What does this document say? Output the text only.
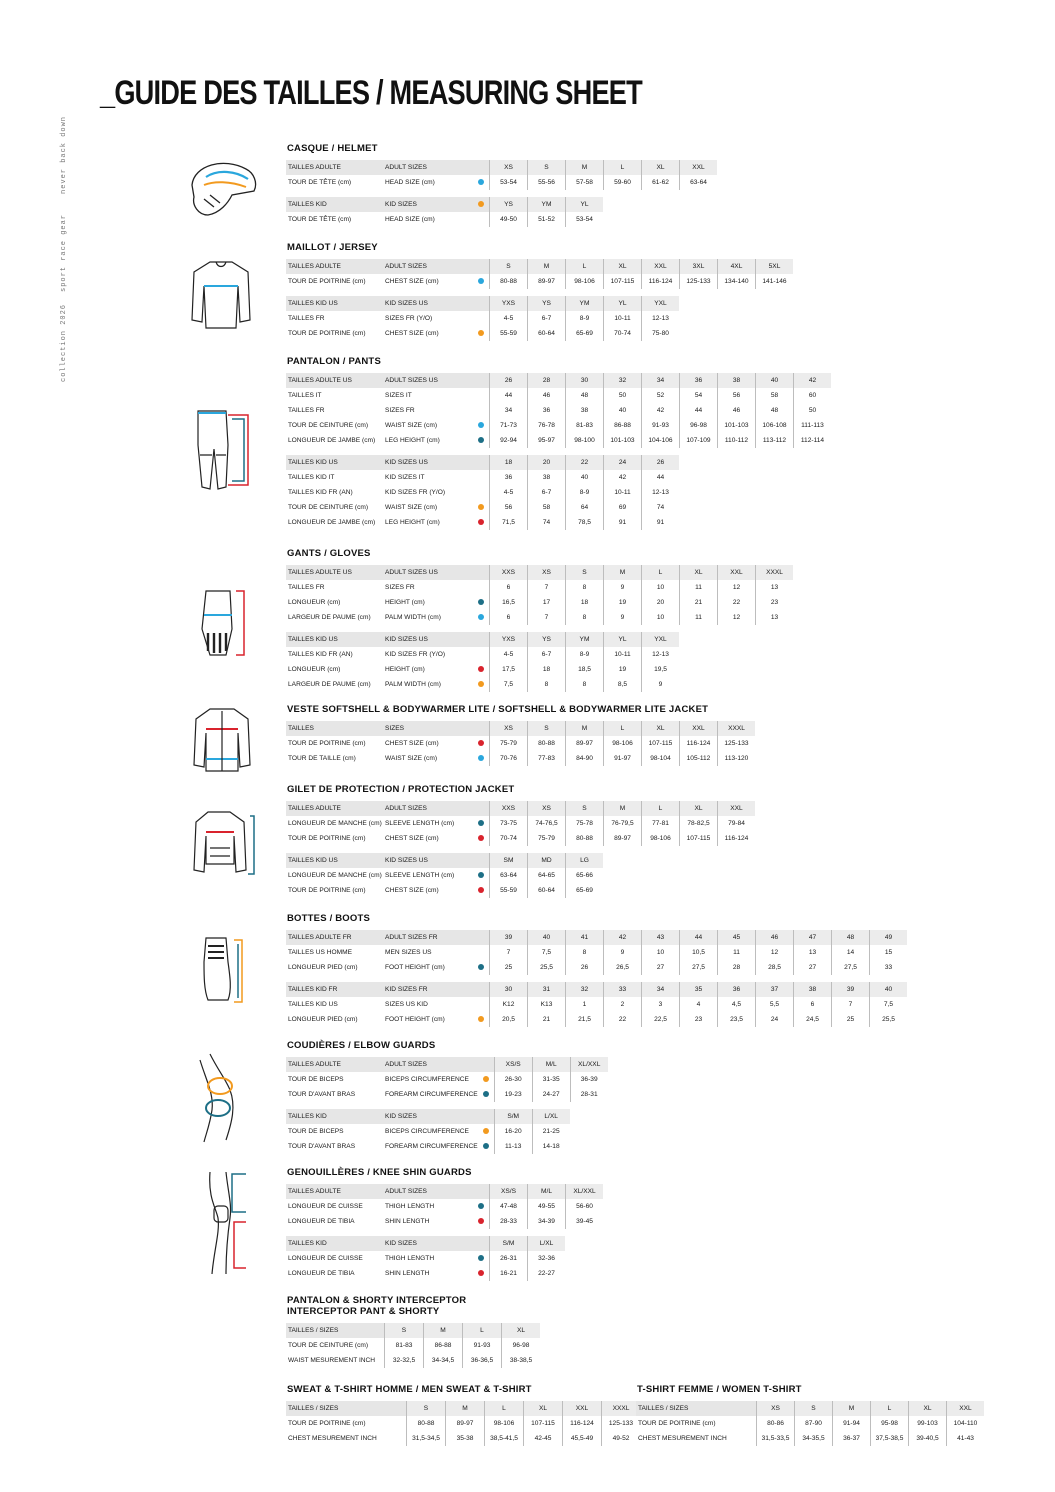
never back down
sport race gear
collection 2026
_GUIDE DES TAILLES / MEASURING SHEET
CASQUE / HELMET
TAILLES ADULTE	ADULT SIZES		XS	S	M	L	XL	XXL
TOUR DE TÊTE (cm)	HEAD SIZE (cm)		53-54	55-56	57-58	59-60	61-62	63-64
TAILLES KID	KID SIZES		YS	YM	YL
TOUR DE TÊTE (cm)	HEAD SIZE (cm)		49-50	51-52	53-54
MAILLOT / JERSEY
TAILLES ADULTE	ADULT SIZES		S	M	L	XL	XXL	3XL	4XL	5XL
TOUR DE POITRINE (cm)	CHEST SIZE (cm)		80-88	89-97	98-106	107-115	116-124	125-133	134-140	141-146
TAILLES KID US	KID SIZES US		YXS	YS	YM	YL	YXL
TAILLES FR	SIZES FR (Y/O)		4-5	6-7	8-9	10-11	12-13
TOUR DE POITRINE (cm)	CHEST SIZE (cm)		55-59	60-64	65-69	70-74	75-80
PANTALON / PANTS
TAILLES ADULTE US	ADULT SIZES US		26	28	30	32	34	36	38	40	42
TAILLES IT	SIZES IT		44	46	48	50	52	54	56	58	60
TAILLES FR	SIZES FR		34	36	38	40	42	44	46	48	50
TOUR DE CEINTURE (cm)	WAIST SIZE (cm)		71-73	76-78	81-83	86-88	91-93	96-98	101-103	106-108	111-113
LONGUEUR DE JAMBE (cm)	LEG HEIGHT (cm)		92-94	95-97	98-100	101-103	104-106	107-109	110-112	113-112	112-114
TAILLES KID US	KID SIZES US		18	20	22	24	26
TAILLES KID IT	KID SIZES IT		36	38	40	42	44
TAILLES KID FR (AN)	KID SIZES FR (Y/O)		4-5	6-7	8-9	10-11	12-13
TOUR DE CEINTURE (cm)	WAIST SIZE (cm)		56	58	64	69	74
LONGUEUR DE JAMBE (cm)	LEG HEIGHT (cm)		71,5	74	78,5	91	91
GANTS / GLOVES
TAILLES ADULTE US	ADULT SIZES US		XXS	XS	S	M	L	XL	XXL	XXXL
TAILLES FR	SIZES FR		6	7	8	9	10	11	12	13
LONGUEUR (cm)	HEIGHT (cm)		16,5	17	18	19	20	21	22	23
LARGEUR DE PAUME (cm)	PALM WIDTH (cm)		6	7	8	9	10	11	12	13
TAILLES KID US	KID SIZES US		YXS	YS	YM	YL	YXL
TAILLES KID FR (AN)	KID SIZES FR (Y/O)		4-5	6-7	8-9	10-11	12-13
LONGUEUR (cm)	HEIGHT (cm)		17,5	18	18,5	19	19,5
LARGEUR DE PAUME (cm)	PALM WIDTH (cm)		7,5	8	8	8,5	9
VESTE SOFTSHELL & BODYWARMER LITE / SOFTSHELL & BODYWARMER LITE JACKET
TAILLES	SIZES		XS	S	M	L	XL	XXL	XXXL
TOUR DE POITRINE (cm)	CHEST SIZE (cm)		75-79	80-88	89-97	98-106	107-115	116-124	125-133
TOUR DE TAILLE (cm)	WAIST SIZE (cm)		70-76	77-83	84-90	91-97	98-104	105-112	113-120
GILET DE PROTECTION / PROTECTION JACKET
TAILLES ADULTE	ADULT SIZES		XXS	XS	S	M	L	XL	XXL
LONGUEUR DE MANCHE (cm)	SLEEVE LENGTH (cm)		73-75	74-76,5	75-78	76-79,5	77-81	78-82,5	79-84
TOUR DE POITRINE (cm)	CHEST SIZE (cm)		70-74	75-79	80-88	89-97	98-106	107-115	116-124
TAILLES KID US	KID SIZES US		SM	MD	LG
LONGUEUR DE MANCHE (cm)	SLEEVE LENGTH (cm)		63-64	64-65	65-66
TOUR DE POITRINE (cm)	CHEST SIZE (cm)		55-59	60-64	65-69
BOTTES / BOOTS
TAILLES ADULTE FR	ADULT SIZES FR		39	40	41	42	43	44	45	46	47	48	49
TAILLES US HOMME	MEN SIZES US		7	7,5	8	9	10	10,5	11	12	13	14	15
LONGUEUR PIED (cm)	FOOT HEIGHT (cm)		25	25,5	26	26,5	27	27,5	28	28,5	27	27,5	33
TAILLES KID FR	KID SIZES FR		30	31	32	33	34	35	36	37	38	39	40
TAILLES KID US	SIZES US KID		K12	K13	1	2	3	4	4,5	5,5	6	7	7,5
LONGUEUR PIED (cm)	FOOT HEIGHT (cm)		20,5	21	21,5	22	22,5	23	23,5	24	24,5	25	25,5
COUDIÈRES / ELBOW GUARDS
TAILLES ADULTE	ADULT SIZES		XS/S	M/L	XL/XXL
TOUR DE BICEPS	BICEPS CIRCUMFERENCE		26-30	31-35	36-39
TOUR D'AVANT BRAS	FOREARM CIRCUMFERENCE		19-23	24-27	28-31
TAILLES KID	KID SIZES		S/M	L/XL
TOUR DE BICEPS	BICEPS CIRCUMFERENCE		16-20	21-25
TOUR D'AVANT BRAS	FOREARM CIRCUMFERENCE		11-13	14-18
GENOUILLÈRES / KNEE SHIN GUARDS
TAILLES ADULTE	ADULT SIZES		XS/S	M/L	XL/XXL
LONGUEUR DE CUISSE	THIGH LENGTH		47-48	49-55	56-60
LONGUEUR DE TIBIA	SHIN LENGTH		28-33	34-39	39-45
TAILLES KID	KID SIZES		S/M	L/XL
LONGUEUR DE CUISSE	THIGH LENGTH		26-31	32-36
LONGUEUR DE TIBIA	SHIN LENGTH		16-21	22-27
PANTALON & SHORTY INTERCEPTOR
INTERCEPTOR PANT & SHORTY
TAILLES / SIZES	S	M	L	XL
TOUR DE CEINTURE (cm)	81-83	86-88	91-93	96-98
WAIST MESUREMENT INCH	32-32,5	34-34,5	36-36,5	38-38,5
SWEAT & T-SHIRT HOMME / MEN SWEAT & T-SHIRT
TAILLES / SIZES	S	M	L	XL	XXL	XXXL
TOUR DE POITRINE (cm)	80-88	89-97	98-106	107-115	116-124	125-133
CHEST MESUREMENT INCH	31,5-34,5	35-38	38,5-41,5	42-45	45,5-49	49-52
T-SHIRT FEMME / WOMEN T-SHIRT
TAILLES / SIZES	XS	S	M	L	XL	XXL
TOUR DE POITRINE (cm)	80-86	87-90	91-94	95-98	99-103	104-110
CHEST MESUREMENT INCH	31,5-33,5	34-35,5	36-37	37,5-38,5	39-40,5	41-43
